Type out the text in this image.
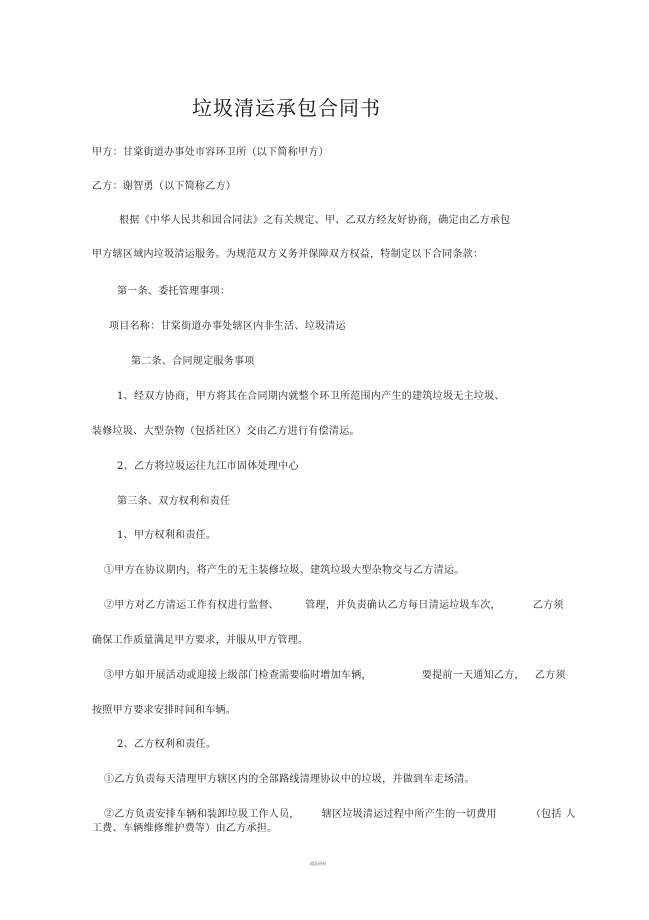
垃圾清运承包合同书
甲方：甘棠街道办事处市容环卫所（以下简称甲方）
乙方：谢智勇（以下简称乙方）
根据《中华人民共和国合同法》之有关规定、甲、乙双方经友好协商，确定由乙方承包
甲方辖区域内垃圾清运服务。为规范双方义务并保障双方权益，特制定以下合同条款：
第一条、委托管理事项：
项目名称：甘棠街道办事处辖区内非生活、垃圾清运
第二条、合同规定服务事项
1、经双方协商，甲方将其在合同期内就整个环卫所范围内产生的建筑垃圾无主垃圾、
装修垃圾、大型杂物（包括社区）交由乙方进行有偿清运。
2、乙方将垃圾运往九江市固体处理中心
第三条、双方权利和责任
1、甲方权利和责任。
①甲方在协议期内，将产生的无主装修垃圾、建筑垃圾大型杂物交与乙方清运。
②甲方对乙方清运工作有权进行监督、	管理，并负责确认乙方每日清运垃圾车次，	乙方须
确保工作质量满足甲方要求，并服从甲方管理。
③甲方如开展活动或迎接上级部门检查需要临时增加车辆，	要提前一天通知乙方， 乙方须
按照甲方要求安排时间和车辆。
2、乙方权利和责任。
①乙方负责每天清理甲方辖区内的全部路线清理协议中的垃圾，并做到车走场清。
②乙方负责安排车辆和装卸垃圾工作人员， 辖区垃圾清运过程中所产生的一切费用	（包括 人
工费、车辆维修维护费等）由乙方承担。
精品资料
